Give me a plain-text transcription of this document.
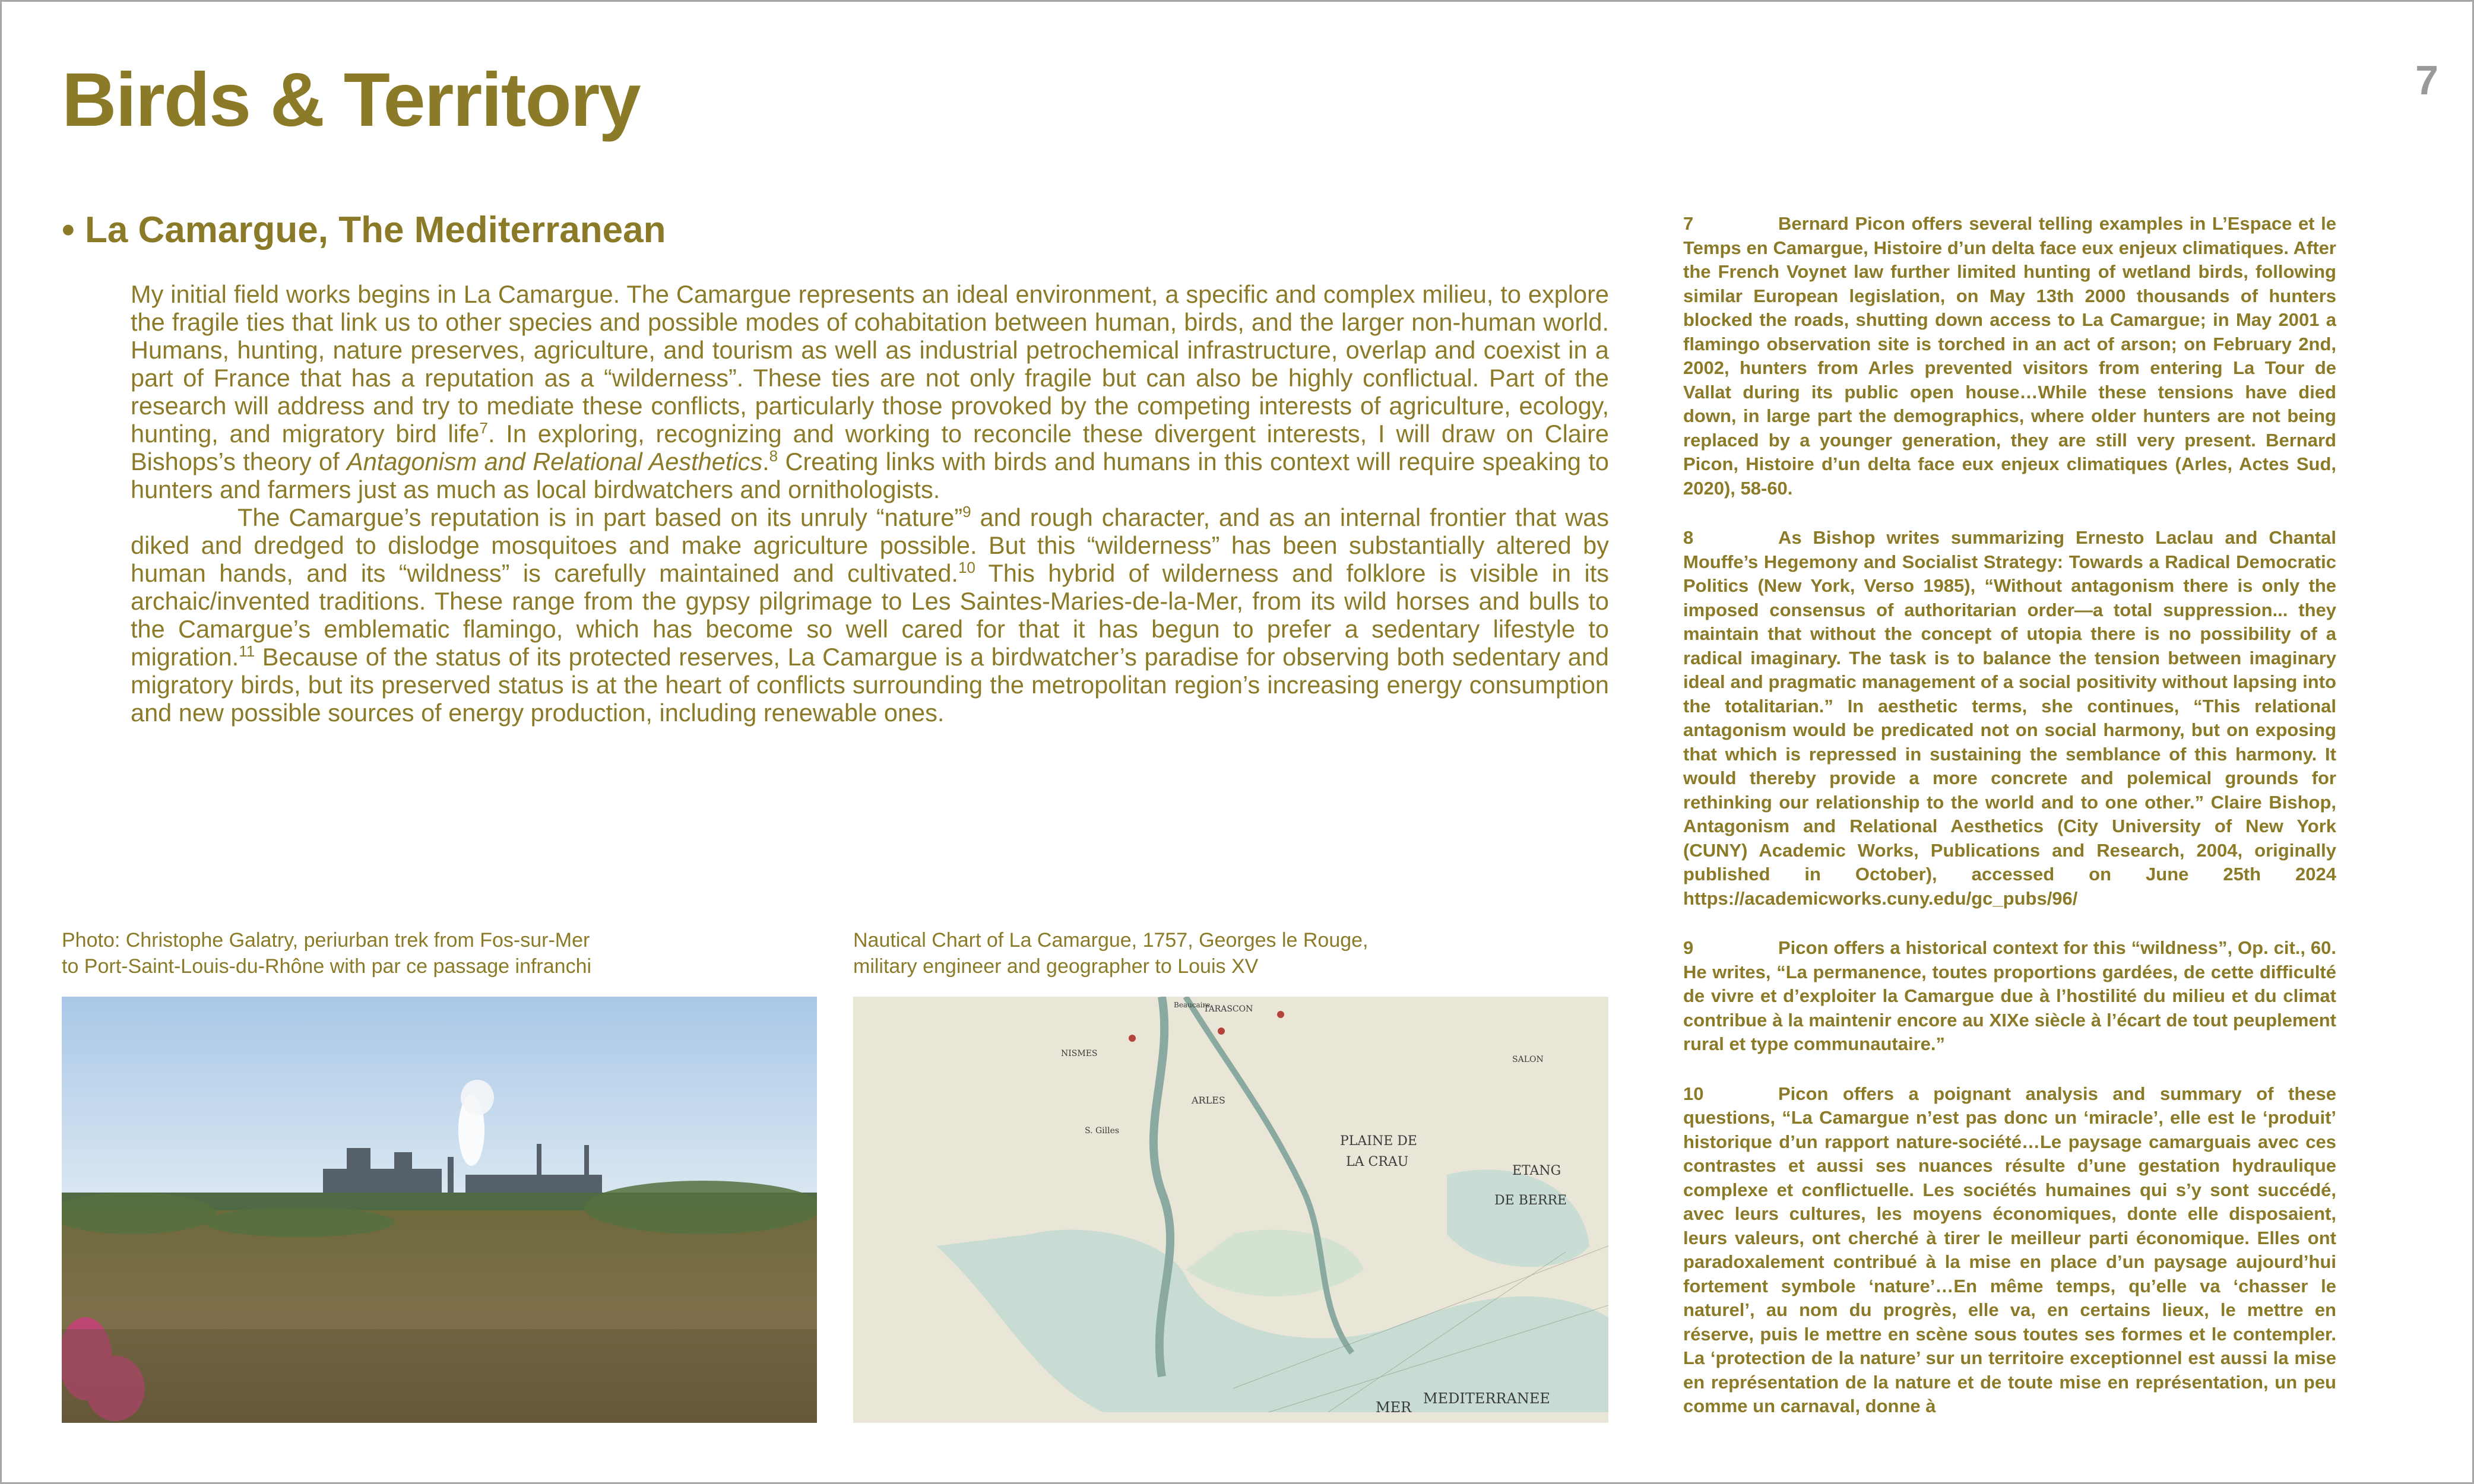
Birds & Territory	7
• La Camargue, The Mediterranean

My initial field works begins in La Camargue. The Camargue represents an ideal environment, a specific and complex milieu, to explore the fragile ties that link us to other species and possible modes of cohabitation between human, birds, and the larger non-human world. Humans, hunting, nature preserves, agriculture, and tourism as well as industrial petrochemical infrastructure, overlap and coexist in a part of France that has a reputation as a “wilderness”. These ties are not only fragile but can also be highly conflictual. Part of the research will address and try to mediate these conflicts, particularly those provoked by the competing interests of agriculture, ecology, hunting, and migratory bird life$^7$. In exploring, recognizing and working to reconcile these divergent interests, I will draw on Claire Bishops’s theory of Antagonism and Relational Aesthetics.$^8$ Creating links with birds and humans in this context will require speaking to hunters and farmers just as much as local birdwatchers and ornithologists.

The Camargue’s reputation is in part based on its unruly “nature”$^9$ and rough character, and as an internal frontier that was diked and dredged to dislodge mosquitoes and make agriculture possible. But this “wilderness” has been substantially altered by human hands, and its “wildness” is carefully maintained and cultivated.$^{10}$ This hybrid of wilderness and folklore is visible in its archaic/invented traditions. These range from the gypsy pilgrimage to Les Saintes-Maries-de-la-Mer, from its wild horses and bulls to the Camargue’s emblematic flamingo, which has become so well cared for that it has begun to prefer a sedentary lifestyle to migration.$^{11}$ Because of the status of its protected reserves, La Camargue is a birdwatcher’s paradise for observing both sedentary and migratory birds, but its preserved status is at the heart of conflicts surrounding the metropolitan region’s increasing energy consumption and new possible sources of energy production, including renewable ones.

Photo: Christophe Galatry, periurban trek from Fos-sur-Mer
to Port-Saint-Louis-du-Rhône with par ce passage infranchi
Nautical Chart of La Camargue, 1757, Georges le Rouge,
military engineer and geographer to Louis XV
ETANG
DE BERRE
PLAINE DE
LA CRAU
MER
MEDITERRANEE
TARASCON
ARLES
S. Gilles
SALON
NISMES
Beaucaire

7	Bernard Picon offers several telling examples in L’Espace et le Temps en Camargue, Histoire d’un delta face eux enjeux climatiques. After the French Voynet law further limited hunting of wetland birds, following similar European legislation, on May 13th 2000 thousands of hunters blocked the roads, shutting down access to La Camargue; in May 2001 a flamingo observation site is torched in an act of arson; on February 2nd, 2002, hunters from Arles prevented visitors from entering La Tour de Vallat during its public open house…While these tensions have died down, in large part the demographics, where older hunters are not being replaced by a younger generation, they are still very present. Bernard Picon, Histoire d’un delta face eux enjeux climatiques (Arles, Actes Sud, 2020), 58-60.

8	As Bishop writes summarizing Ernesto Laclau and Chantal Mouffe’s Hegemony and Socialist Strategy: Towards a Radical Democratic Politics (New York, Verso 1985), “Without antagonism there is only the imposed consensus of authoritarian order—a total suppression... they maintain that without the concept of utopia there is no possibility of a radical imaginary. The task is to balance the tension between imaginary ideal and pragmatic management of a social positivity without lapsing into the totalitarian.” In aesthetic terms, she continues, “This relational antagonism would be predicated not on social harmony, but on exposing that which is repressed in sustaining the semblance of this harmony. It would thereby provide a more concrete and polemical grounds for rethinking our relationship to the world and to one other.” Claire Bishop, Antagonism and Relational Aesthetics (City University of New York (CUNY) Academic Works, Publications and Research, 2004, originally published in October), accessed on June 25th 2024 https://academicworks.cuny.edu/gc_pubs/96/

9	Picon offers a historical context for this “wildness”, Op. cit., 60. He writes, “La permanence, toutes proportions gardées, de cette difficulté de vivre et d’exploiter la Camargue due à l’hostilité du milieu et du climat contribue à la maintenir encore au XIXe siècle à l’écart de tout peuplement rural et type communautaire.”

10	Picon offers a poignant analysis and summary of these questions, “La Camargue n’est pas donc un ‘miracle’, elle est le ‘produit’ historique d’un rapport nature-société…Le paysage camarguais avec ces contrastes et aussi ses nuances résulte d’une gestation hydraulique complexe et conflictuelle. Les sociétés humaines qui s’y sont succédé, avec leurs cultures, les moyens économiques, donte elle disposaient, leurs valeurs, ont cherché à tirer le meilleur parti économique. Elles ont paradoxalement contribué à la mise en place d’un paysage aujourd’hui fortement symbole ‘nature’…En même temps, qu’elle va ‘chasser le naturel’, au nom du progrès, elle va, en certains lieux, le mettre en réserve, puis le mettre en scène sous toutes ses formes et le contempler. La ‘protection de la nature’ sur un territoire exceptionnel est aussi la mise en représentation de la nature et de toute mise en représentation, un peu comme un carnaval, donne à
